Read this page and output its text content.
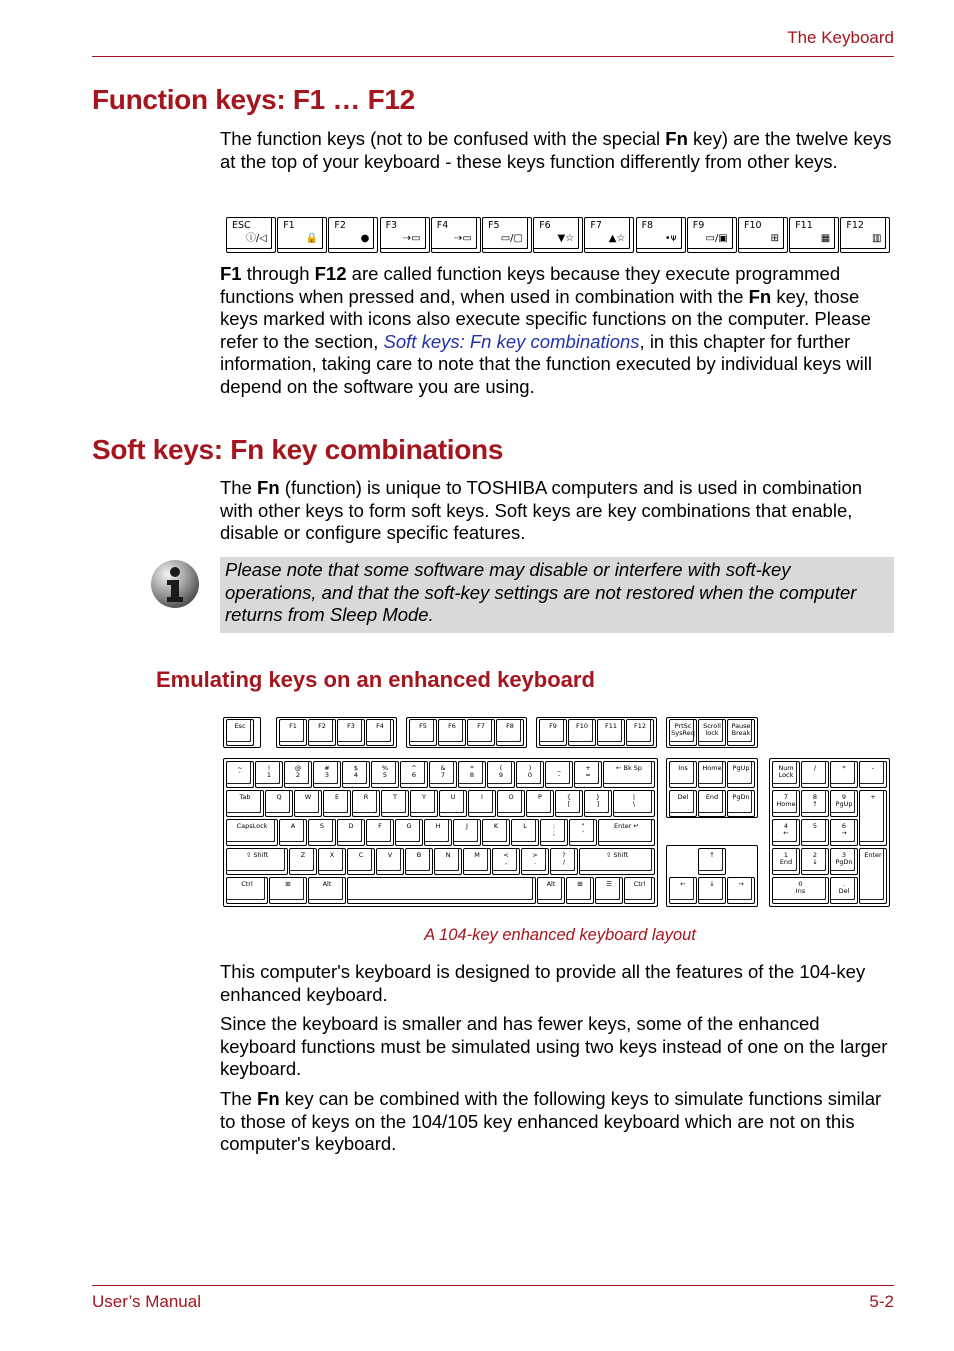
The Keyboard
Function keys: F1 … F12

The function keys (not to be confused with the special Fn key) are the twelve keys at the top of your keyboard - these keys function differently from other keys.

ESC
ⓘ/◁
F1
🔒
F2
●
F3
⇢▭
F4
⇢▭
F5
▭/▢
F6
▼☆
F7
▲☆
F8
•ᴪ
F9
▭/▣
F10
⊞
F11
▦
F12
▥

F1 through F12 are called function keys because they execute programmed functions when pressed and, when used in combination with the Fn key, those keys marked with icons also execute specific functions on the computer. Please refer to the section, Soft keys: Fn key combinations, in this chapter for further information, taking care to note that the function executed by individual keys will depend on the software you are using.

Soft keys: Fn key combinations

The Fn (function) is unique to TOSHIBA computers and is used in combination with other keys to form soft keys. Soft keys are key combinations that enable, disable or configure specific features.

Please note that some software may disable or interfere with soft-key operations, and that the soft-key settings are not restored when the computer returns from Sleep Mode.
Emulating keys on an enhanced keyboard
Esc	F1	F2	F3	F4	F5	F6	F7	F8	F9	F10	F11	F12	PrtSc
SysReq
Scroll
lock
Pause
Break
~
`
!
1
@
2
#
3
$
4
%
5
^
6
&
7
*
8
(
9
)
0
_
-
+
=
← Bk Sp	Ins	Home	PgUp	Num
Lock
/	*	-
Tab	Q	W	E	R	T	Y	U	I	O	P	{
[
}
]
|
\
Del	End	PgDn	7
Home
8
↑
9
PgUp
+
CapsLock	A	S	D	F	G	H	J	K	L	:
;
"
'
Enter ↵	4
←
5	6
→
⇧ Shift	Z	X	C	V	B	N	M	<
,
>
.
?
/
⇧ Shift	↑	1
End
2
↓
3
PgDn
Enter
Ctrl	⊞	Alt	Alt	⊞	☰	Ctrl	←	↓	→	0
Ins
.
Del
A 104-key enhanced keyboard layout

This computer's keyboard is designed to provide all the features of the 104-key enhanced keyboard.

Since the keyboard is smaller and has fewer keys, some of the enhanced keyboard functions must be simulated using two keys instead of one on the larger keyboard.

The Fn key can be combined with the following keys to simulate functions similar to those of keys on the 104/105 key enhanced keyboard which are not on this computer's keyboard.

User’s Manual	5-2
